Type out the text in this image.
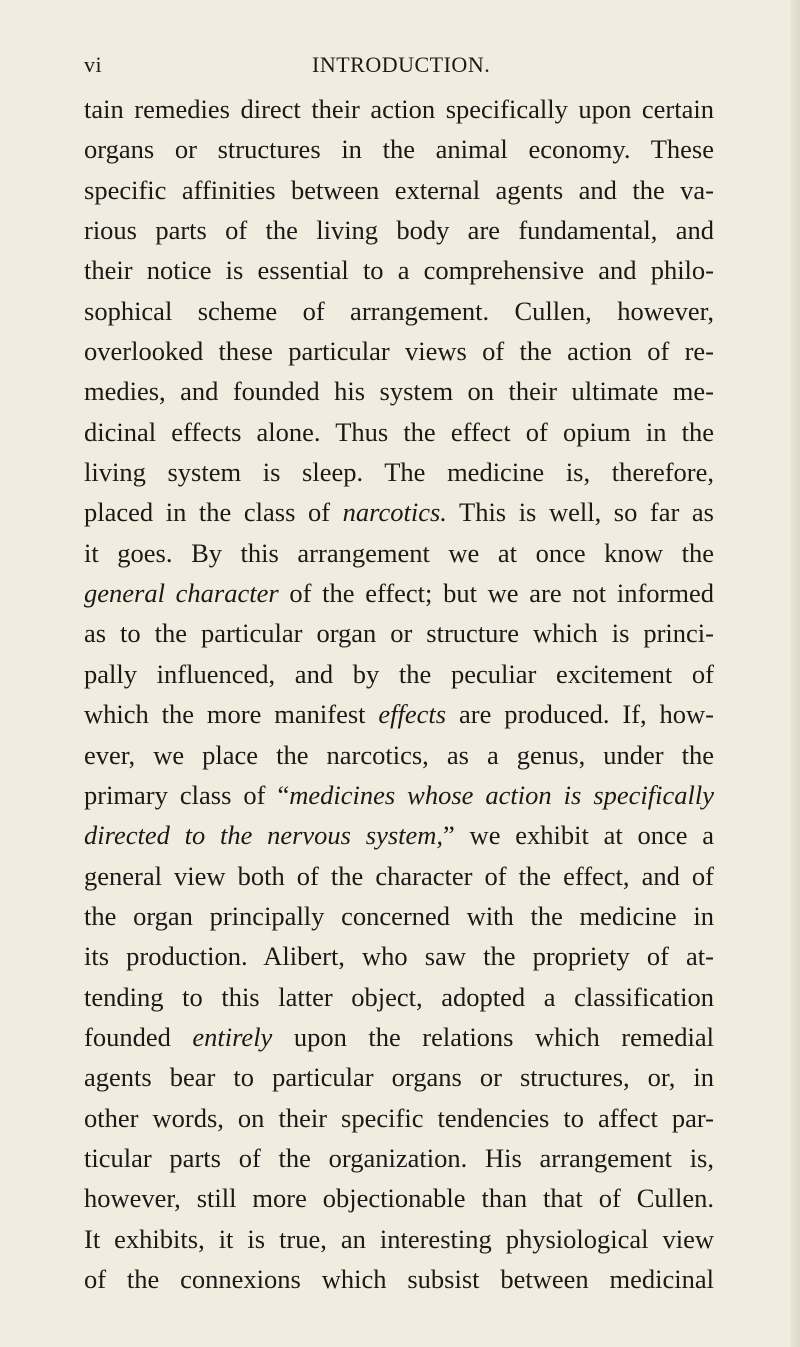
vi	INTRODUCTION.
tain remedies direct their action specifically upon certain
organs or structures in the animal economy. These
specific affinities between external agents and the va-
rious parts of the living body are fundamental, and
their notice is essential to a comprehensive and philo-
sophical scheme of arrangement. Cullen, however,
overlooked these particular views of the action of re-
medies, and founded his system on their ultimate me-
dicinal effects alone. Thus the effect of opium in the
living system is sleep. The medicine is, therefore,
placed in the class of narcotics. This is well, so far as
it goes. By this arrangement we at once know the
general character of the effect; but we are not informed
as to the particular organ or structure which is princi-
pally influenced, and by the peculiar excitement of
which the more manifest effects are produced. If, how-
ever, we place the narcotics, as a genus, under the
primary class of “medicines whose action is specifically
directed to the nervous system,” we exhibit at once a
general view both of the character of the effect, and of
the organ principally concerned with the medicine in
its production. Alibert, who saw the propriety of at-
tending to this latter object, adopted a classification
founded entirely upon the relations which remedial
agents bear to particular organs or structures, or, in
other words, on their specific tendencies to affect par-
ticular parts of the organization. His arrangement is,
however, still more objectionable than that of Cullen.
It exhibits, it is true, an interesting physiological view
of the connexions which subsist between medicinal
